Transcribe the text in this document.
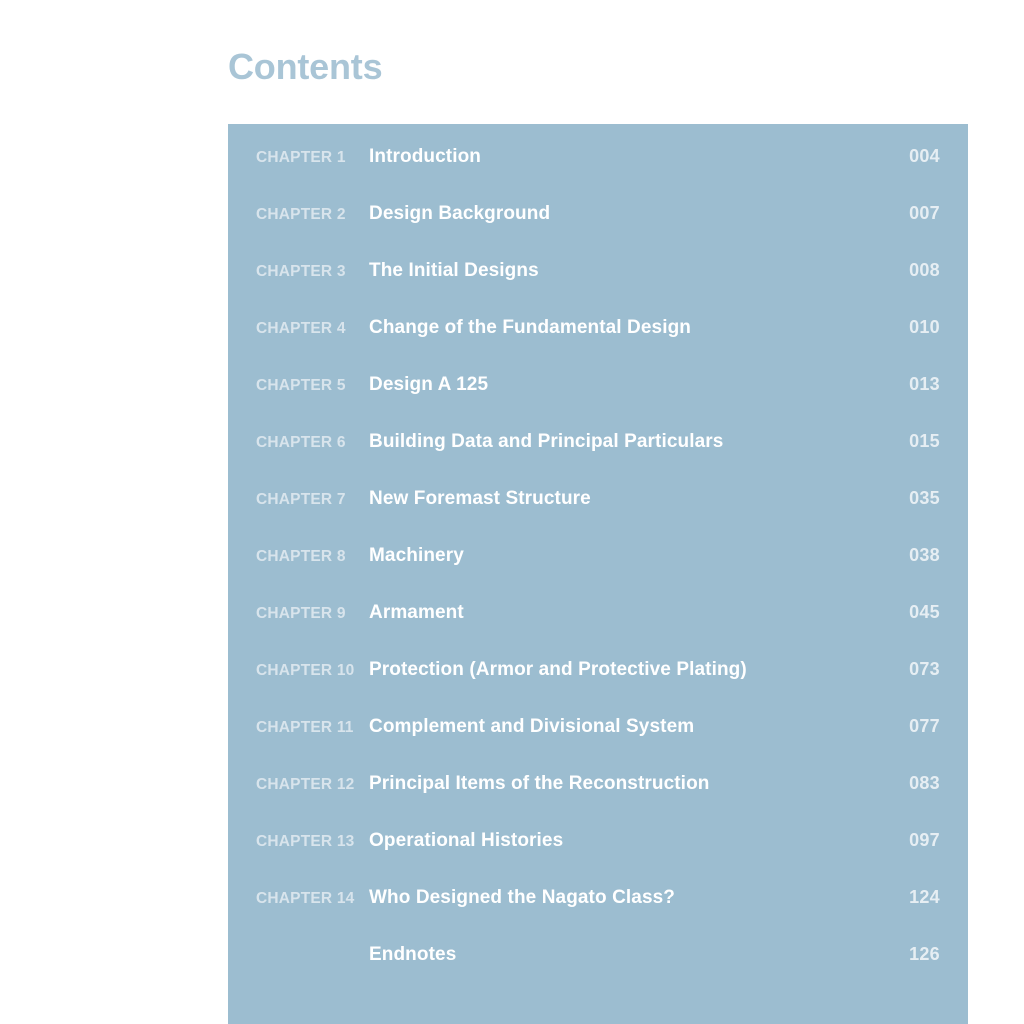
Contents
CHAPTER 1	Introduction	004
CHAPTER 2	Design Background	007
CHAPTER 3	The Initial Designs	008
CHAPTER 4	Change of the Fundamental Design	010
CHAPTER 5	Design A 125	013
CHAPTER 6	Building Data and Principal Particulars	015
CHAPTER 7	New Foremast Structure	035
CHAPTER 8	Machinery	038
CHAPTER 9	Armament	045
CHAPTER 10 Protection (Armor and Protective Plating)	073
CHAPTER 11 Complement and Divisional System	077
CHAPTER 12 Principal Items of the Reconstruction	083
CHAPTER 13 Operational Histories	097
CHAPTER 14 Who Designed the Nagato Class?	124
Endnotes	126
